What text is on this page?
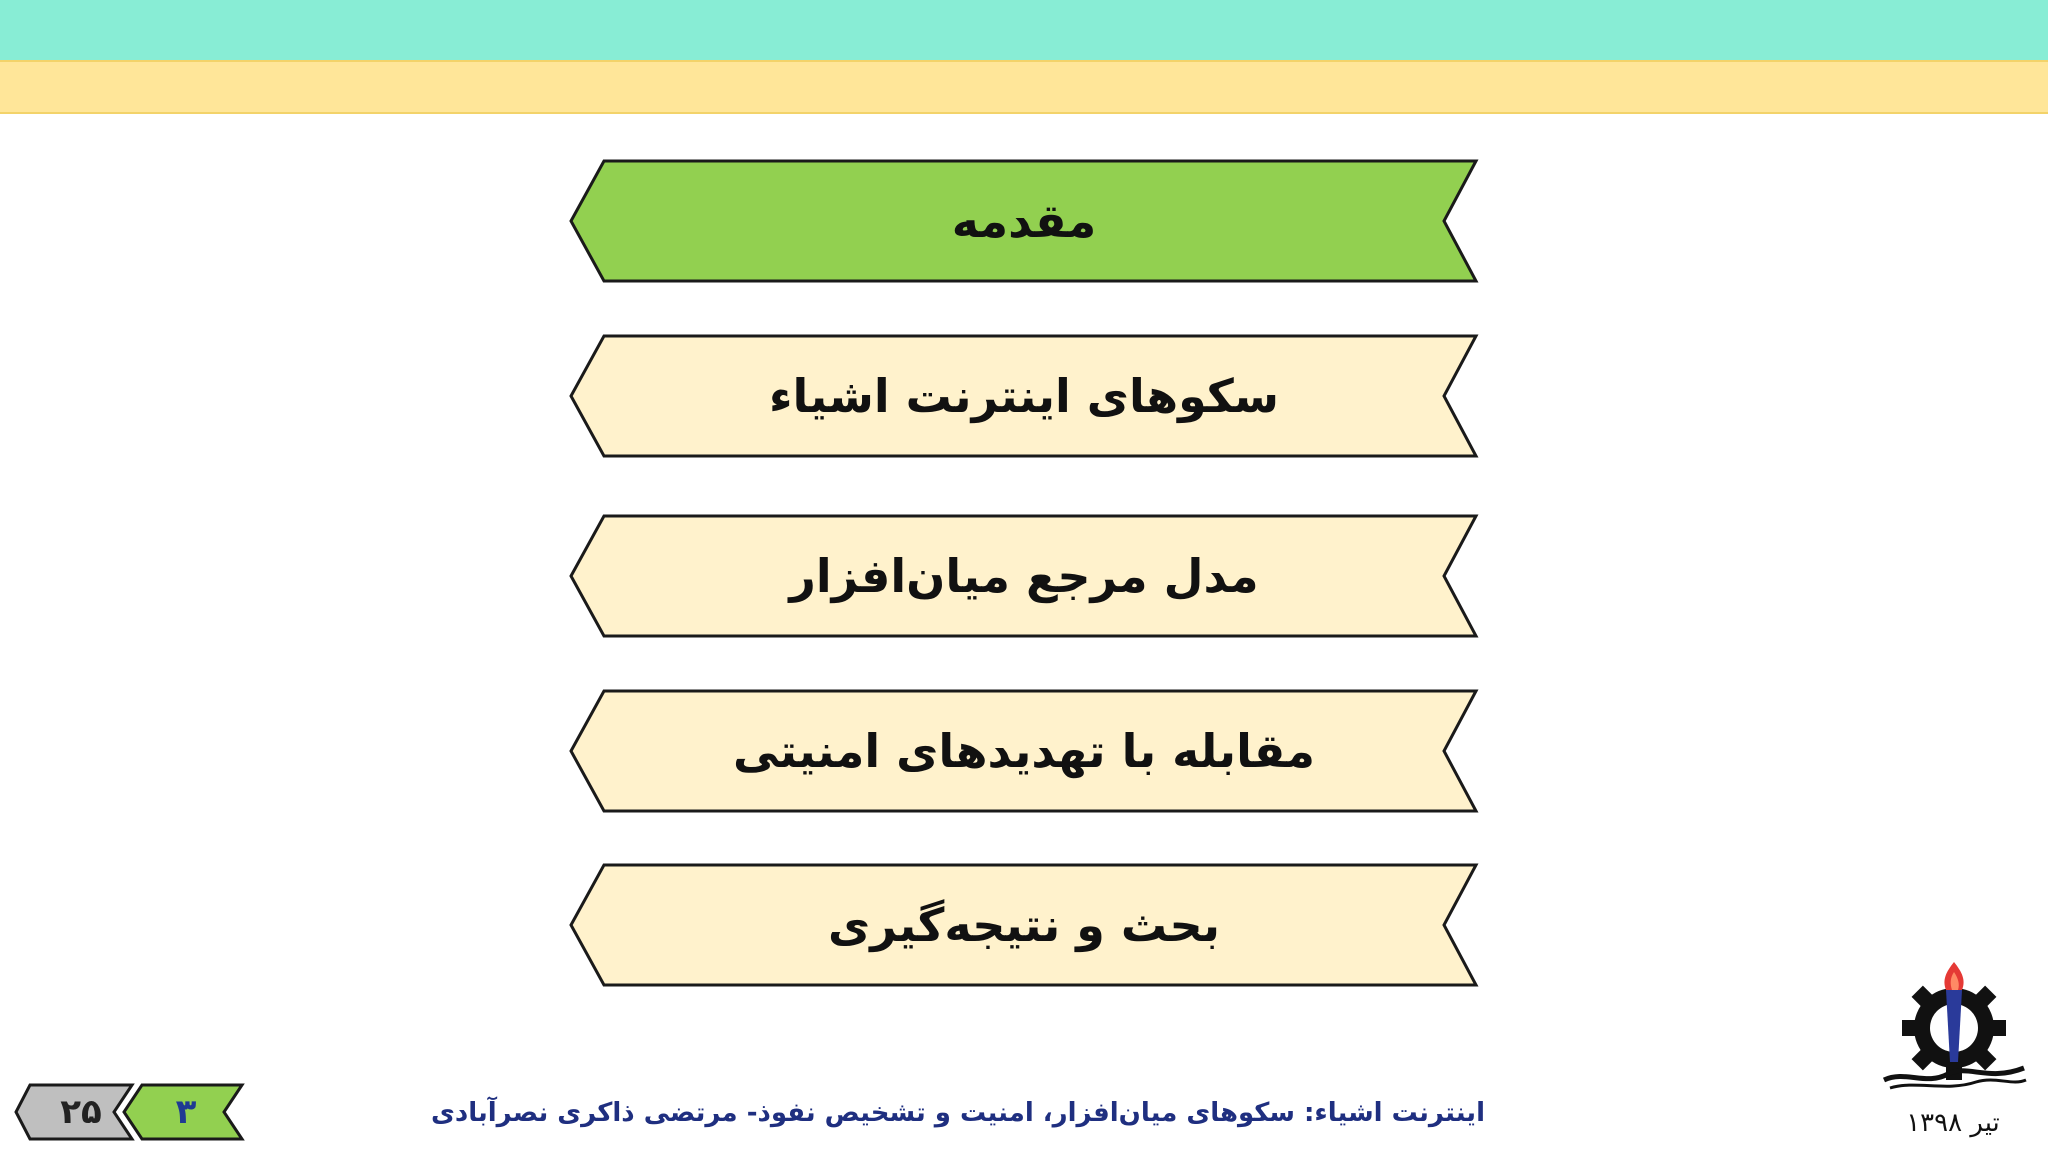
مقدمه
سکوهای اینترنت اشیاء
مدل مرجع میان‌افزار
مقابله با تهدیدهای امنیتی
بحث و نتیجه‌گیری
اینترنت اشیاء: سکوهای میان‌افزار، امنیت و تشخیص نفوذ- مرتضی ذاکری نصرآبادی
۲۵	۳	تیر ۱۳۹۸
